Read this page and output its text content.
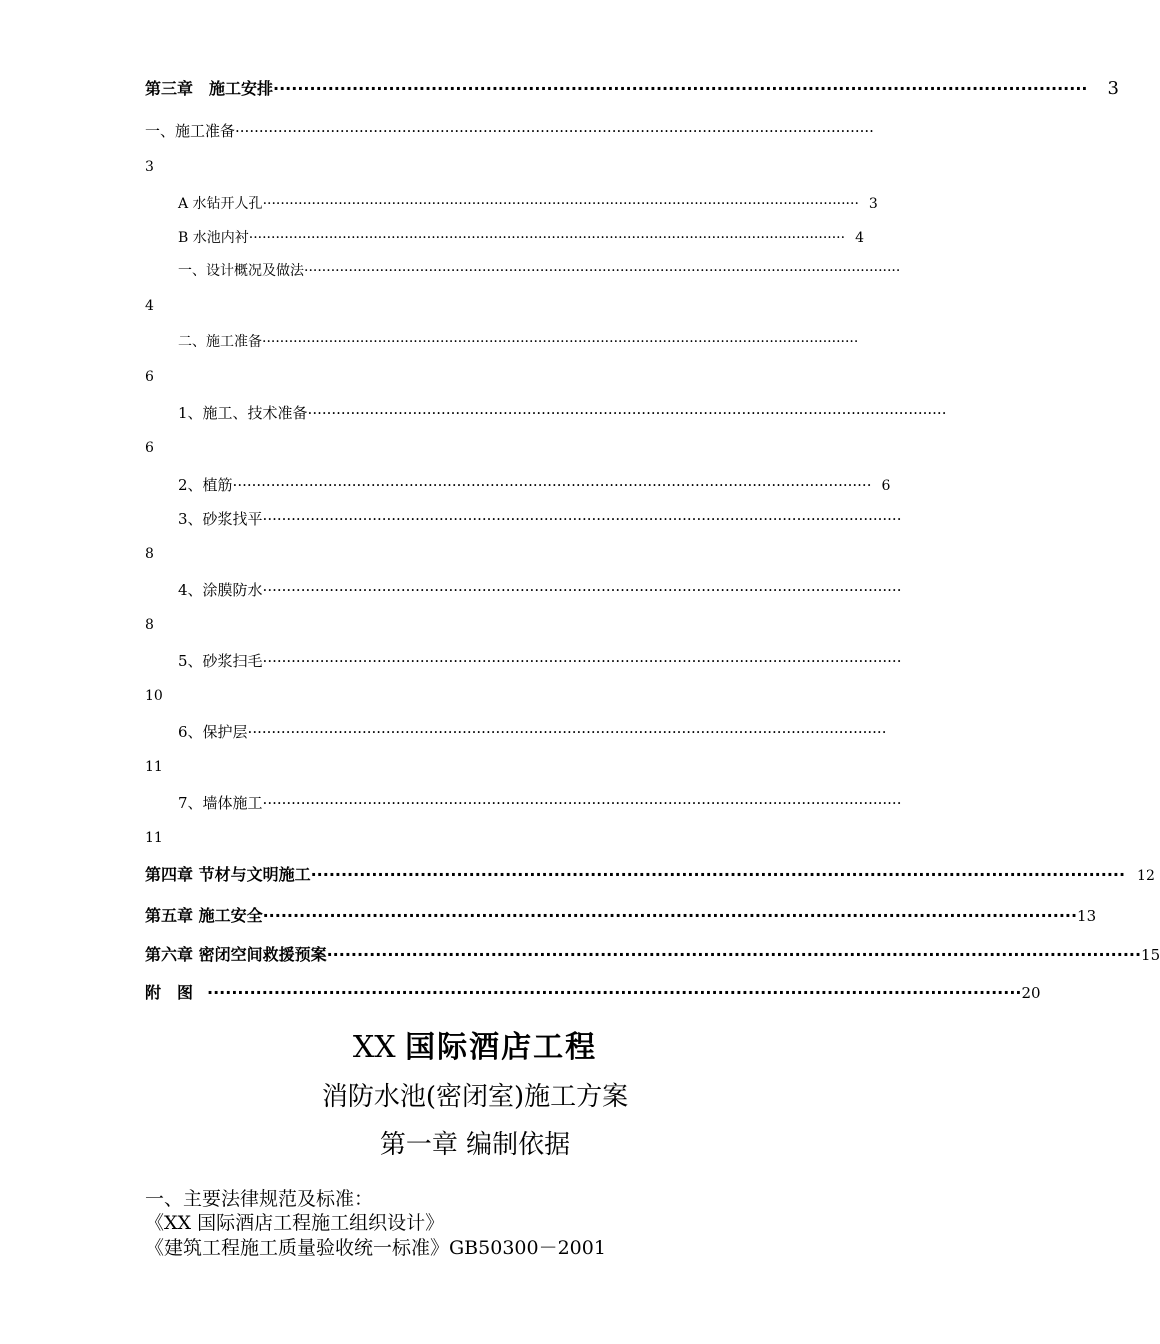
第三章　施工安排 ······································································································································	3
一、施工准备 ······································································································································
3
A 水钻开人孔 ······································································································································ 3
B 水池内衬 ······································································································································ 4
一、设计概况及做法 ······································································································································
4
二、施工准备 ······································································································································
6
1、施工、技术准备 ······································································································································
6
2、植筋 ······································································································································ 6
3、砂浆找平 ······································································································································
8
4、涂膜防水 ······································································································································
8
5、砂浆扫毛 ······································································································································
10
6、保护层 ······································································································································
11
7、墙体施工 ······································································································································
11
第四章 节材与文明施工 ······································································································································ 12
第五章 施工安全 ······································································································································ 13
第六章 密闭空间救援预案 ······································································································································ 15
附　图 ······································································································································ 20
XX 国际酒店工程
消防水池(密闭室)施工方案
第一章 编制依据
一、主要法律规范及标准：
《XX 国际酒店工程施工组织设计》
《建筑工程施工质量验收统一标准》GB50300－2001
